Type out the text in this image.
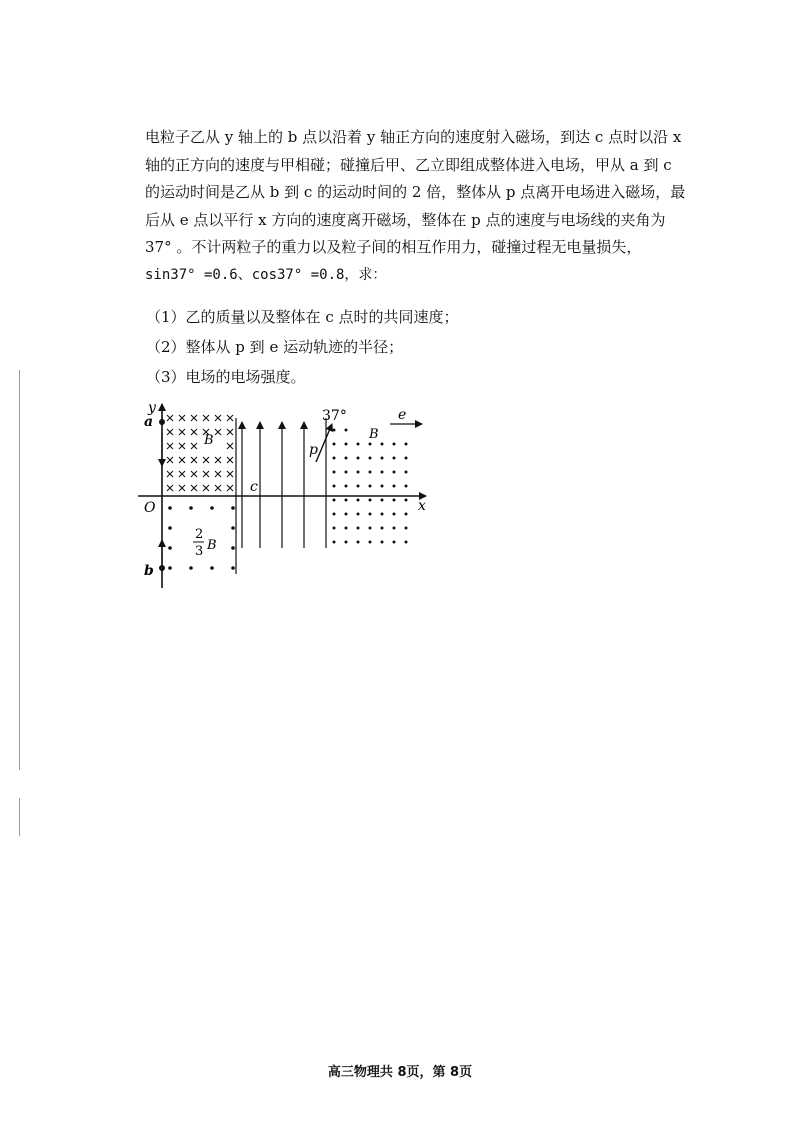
电粒子乙从 y 轴上的 b 点以沿着 y 轴正方向的速度射入磁场，到达 c 点时以沿 x

轴的正方向的速度与甲相碰；碰撞后甲、乙立即组成整体进入电场，甲从 a 到 c

的运动时间是乙从 b 到 c 的运动时间的 2 倍，整体从 p 点离开电场进入磁场，最

后从 e 点以平行 x 方向的速度离开磁场，整体在 p 点的速度与电场线的夹角为

37° 。不计两粒子的重力以及粒子间的相互作用力，碰撞过程无电量损失，

sin37° =0.6、cos37° =0.8，求：

（1）乙的质量以及整体在 c 点时的共同速度；

（2）整体从 p 到 e 运动轨迹的半径；

（3）电场的电场强度。

y
x
O
a
b
c
p
e
37°
B	B
2
3 B
高三物理共 8页，第 8页
